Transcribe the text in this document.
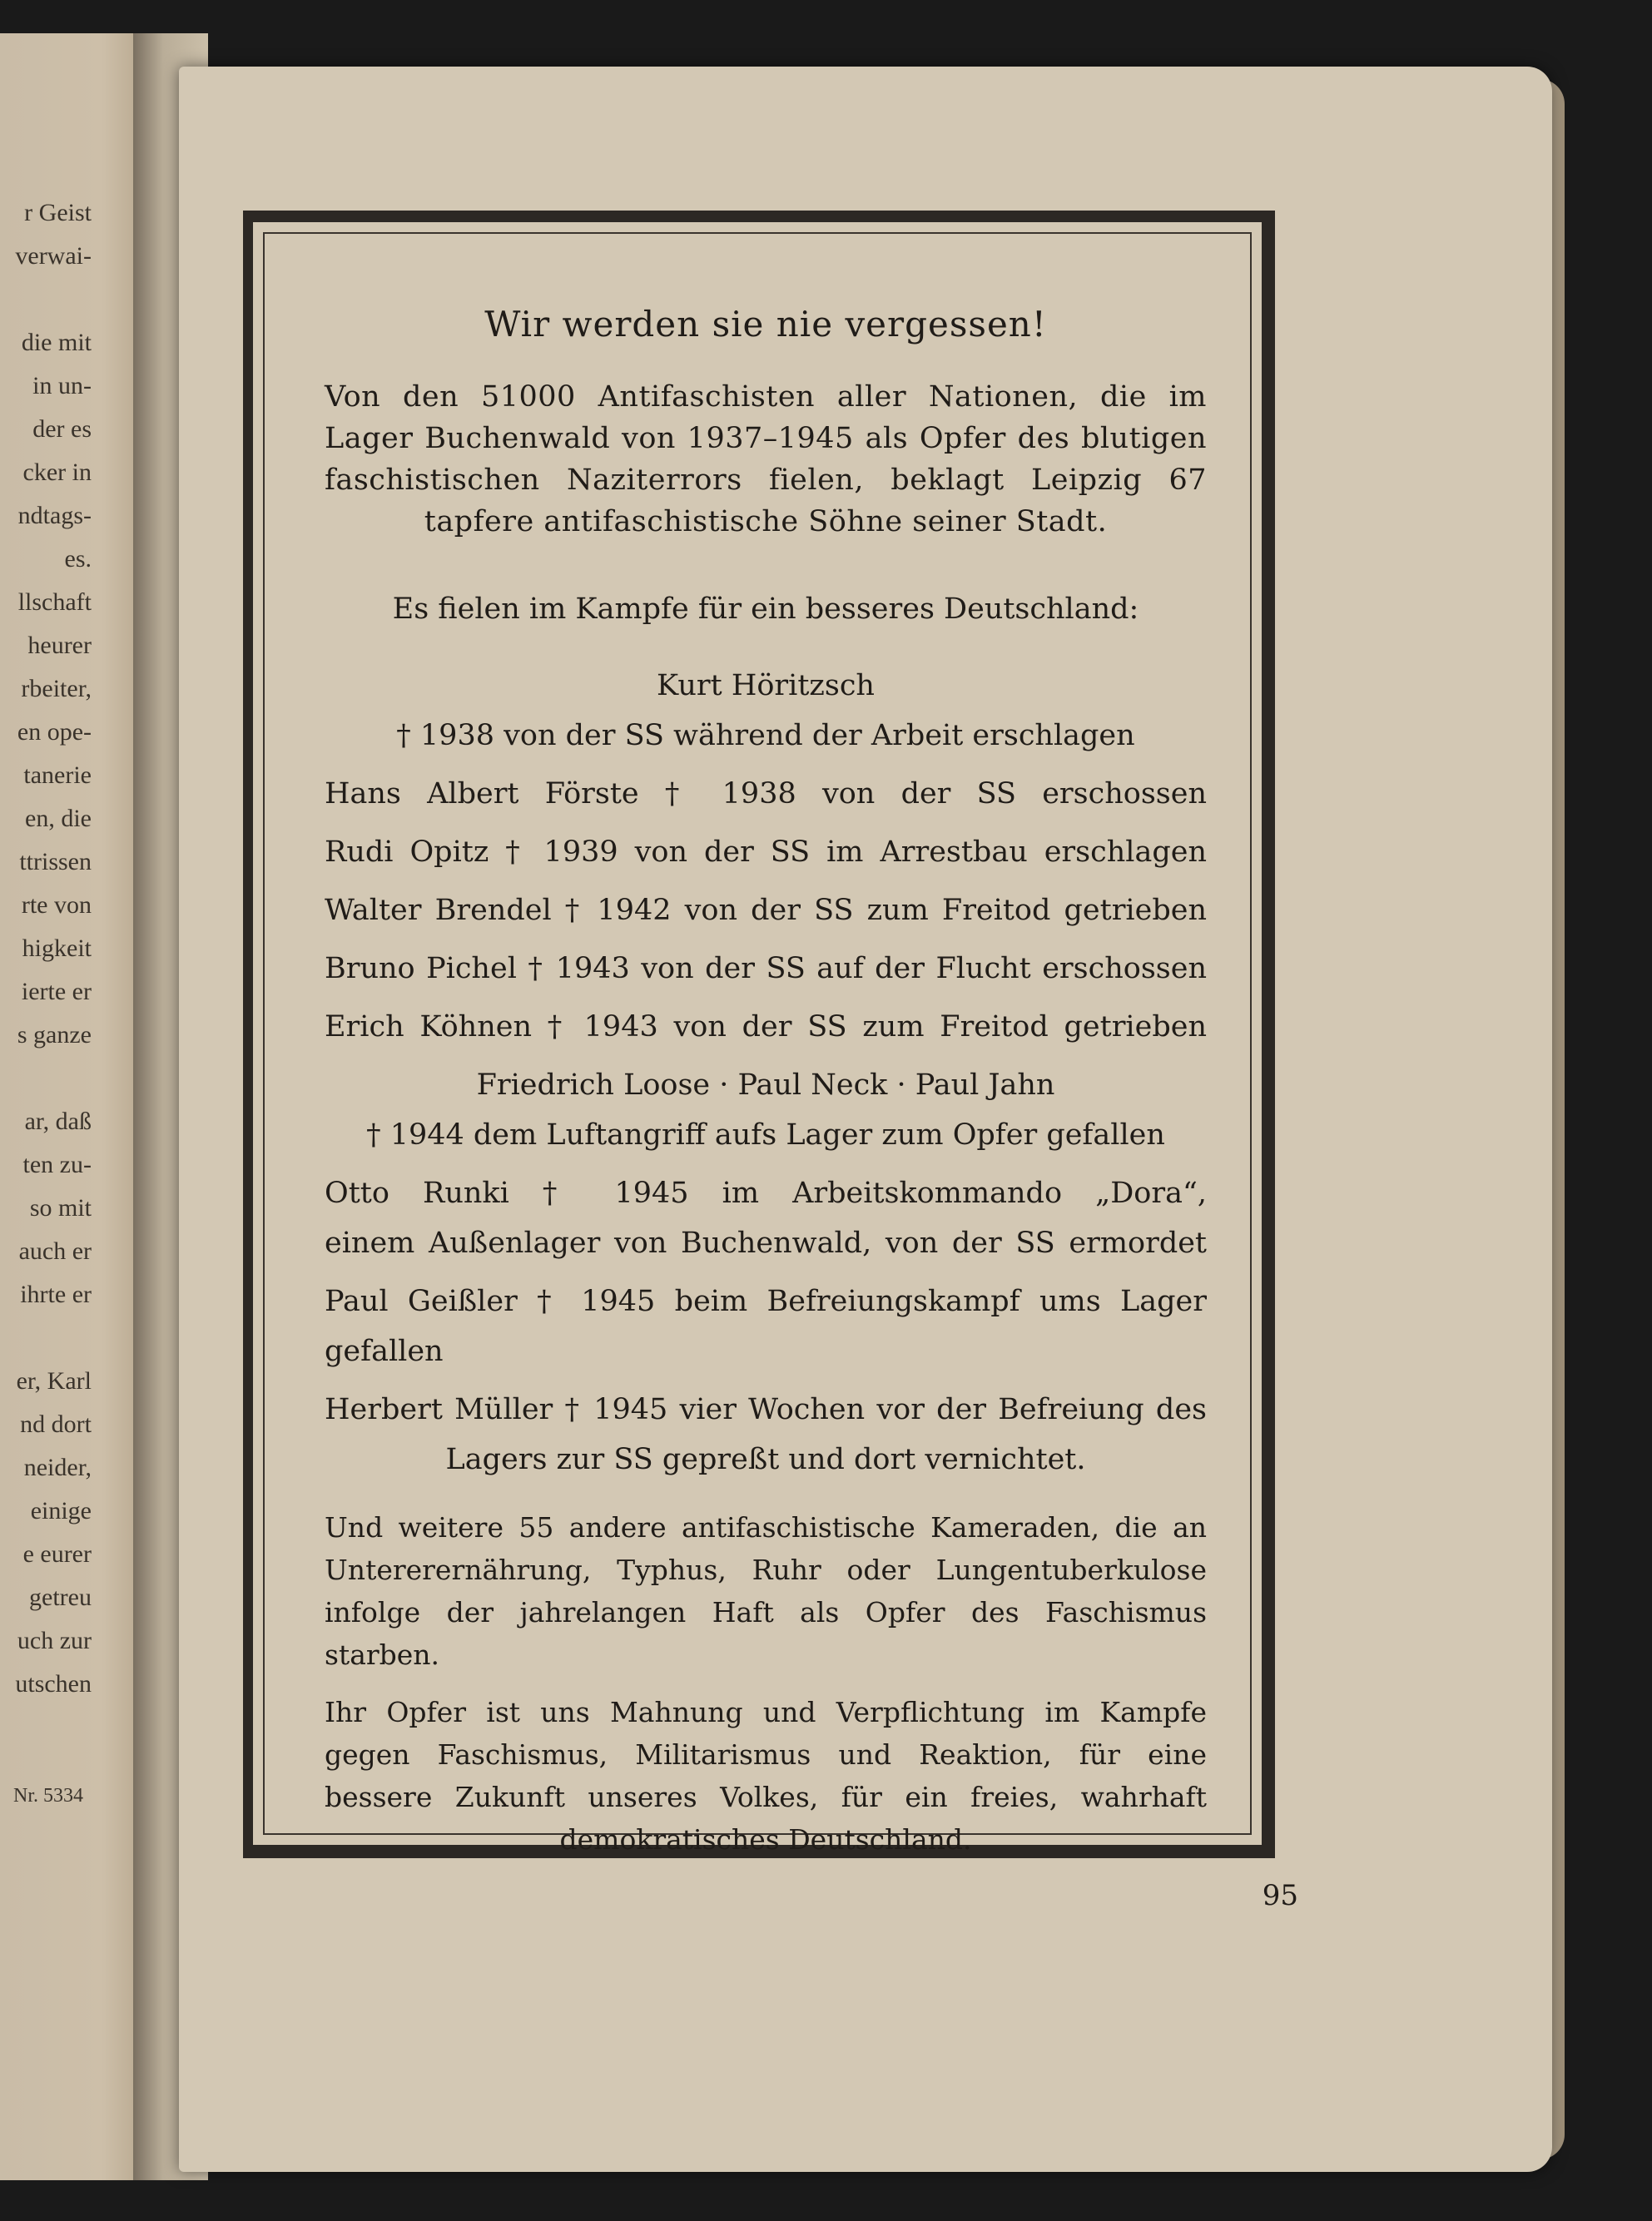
r Geist
verwai-
die mit
in un-
der es
cker in
ndtags-
es.
llschaft
heurer
rbeiter,
en ope-
tanerie
en, die
ttrissen
rte von
higkeit
ierte er
s ganze
ar, daß
ten zu-
so mit
auch er
ihrte er
er, Karl
nd dort
neider,
einige
e eurer
getreu
uch zur
utschen
Nr. 5334
Wir werden sie nie vergessen!
Von den 51000 Antifaschisten aller Nationen, die im Lager Buchenwald von 1937–1945 als Opfer des blutigen faschistischen Naziterrors fielen, beklagt Leipzig 67 tapfere antifaschistische Söhne seiner Stadt.
Es fielen im Kampfe für ein besseres Deutschland:
Kurt Höritzsch
† 1938 von der SS während der Arbeit erschlagen
Hans Albert Förste † 1938 von der SS erschossen
Rudi Opitz † 1939 von der SS im Arrestbau erschlagen
Walter Brendel † 1942 von der SS zum Freitod getrieben
Bruno Pichel † 1943 von der SS auf der Flucht erschossen
Erich Köhnen † 1943 von der SS zum Freitod getrieben
Friedrich Loose · Paul Neck · Paul Jahn
† 1944 dem Luftangriff aufs Lager zum Opfer gefallen
Otto Runki † 1945 im Arbeitskommando „Dora“,
einem Außenlager von Buchenwald, von der SS ermordet
Paul Geißler † 1945 beim Befreiungskampf ums Lager gefallen
Herbert Müller † 1945 vier Wochen vor der Befreiung des
Lagers zur SS gepreßt und dort vernichtet.
Und weitere 55 andere antifaschistische Kameraden, die an Untererernährung, Typhus, Ruhr oder Lungentuberkulose infolge der jahrelangen Haft als Opfer des Faschismus starben.
Ihr Opfer ist uns Mahnung und Verpflichtung im Kampfe gegen Faschismus, Militarismus und Reaktion, für eine bessere Zukunft unseres Volkes, für ein freies, wahrhaft demokratisches Deutschland.
95
